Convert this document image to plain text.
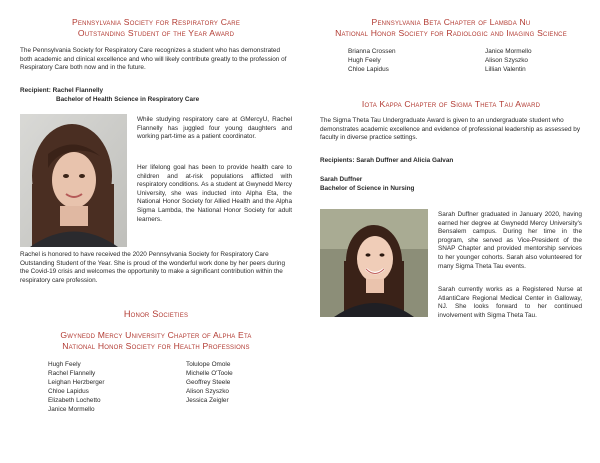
Pennsylvania Society for Respiratory Care

Outstanding Student of the Year Award

The Pennsylvania Society for Respiratory Care recognizes a student who has demonstrated both academic and clinical excellence and who will likely contribute greatly to the profession of Respiratory Care both now and in the future.

Recipient: Rachel Flannelly

Bachelor of Health Science in Respiratory Care

While studying respiratory care at GMercyU, Rachel Flannelly has juggled four young daughters and working part-time as a patient coordinator.

Her lifelong goal has been to provide health care to children and at-risk populations afflicted with respiratory conditions. As a student at Gwynedd Mercy University, she was inducted into Alpha Eta, the National Honor Society for Allied Health and the Alpha Sigma Lambda, the National Honor Society for adult learners.

Rachel is honored to have received the 2020 Pennsylvania Society for Respiratory Care Outstanding Student of the Year. She is proud of the wonderful work done by her peers during the Covid-19 crisis and welcomes the opportunity to make a significant contribution within the respiratory care profession.

Honor Societies

Gwynedd Mercy University Chapter of Alpha Eta

National Honor Society for Health Professions

Hugh Feely
Rachel Flannelly
Leighan Herzberger
Chloe Lapidus
Elizabeth Lochetto
Janice Mormello
Tolulope Omole
Michelle O'Toole
Geoffrey Steele
Alison Szyszko
Jessica Zeigler

Pennsylvania Beta Chapter of Lambda Nu

National Honor Society for Radiologic and Imaging Science

Brianna Crossen
Hugh Feely
Chloe Lapidus
Janice Mormello
Alison Szyszko
Lillian Valentin

Iota Kappa Chapter of Sigma Theta Tau Award

The Sigma Theta Tau Undergraduate Award is given to an undergraduate student who demonstrates academic excellence and evidence of professional leadership as assessed by faculty in diverse practice settings.

Recipients: Sarah Duffner and Alicia Galvan

Sarah Duffner

Bachelor of Science in Nursing

Sarah Duffner graduated in January 2020, having earned her degree at Gwynedd Mercy University's Bensalem campus. During her time in the program, she served as Vice-President of the SNAP Chapter and provided mentorship services to her younger cohorts. Sarah also volunteered for many Sigma Theta Tau events.

Sarah currently works as a Registered Nurse at AtlantiCare Regional Medical Center in Galloway, NJ. She looks forward to her continued involvement with Sigma Theta Tau.
